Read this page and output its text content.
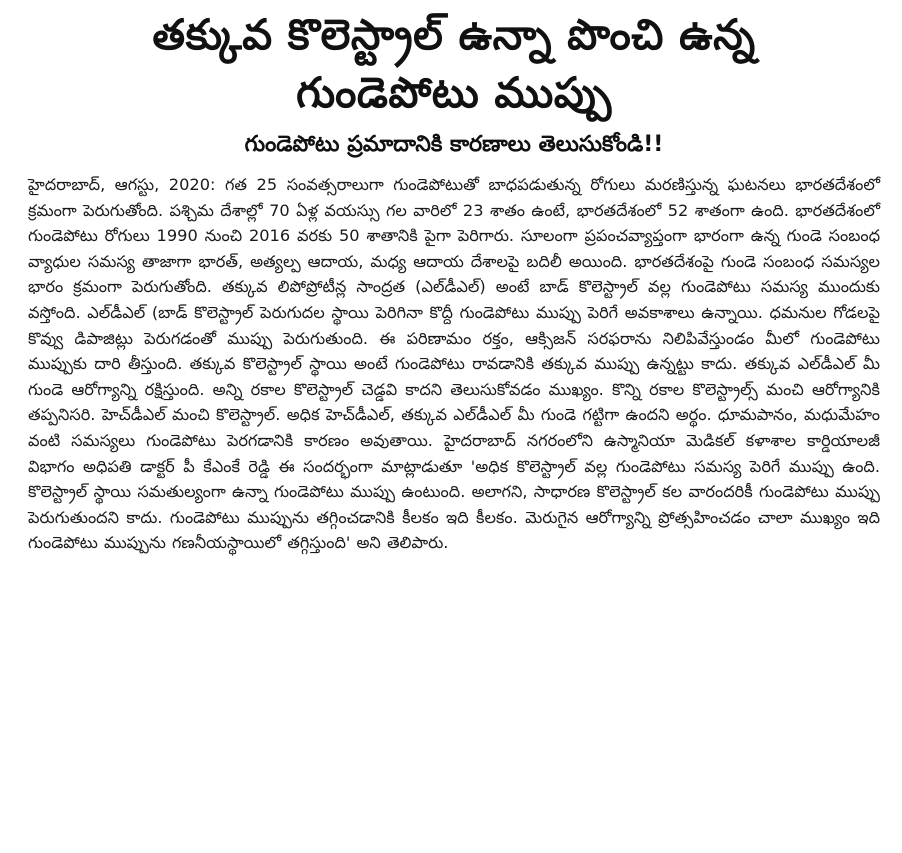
తక్కువ కొలెస్ట్రాల్ ఉన్నా పొంచి ఉన్న
గుండెపోటు ముప్పు
గుండెపోటు ప్రమాదానికి కారణాలు తెలుసుకోండి!!

హైదరాబాద్, ఆగస్టు, 2020: గత 25 సంవత్సరాలుగా గుండెపోటుతో బాధపడుతున్న రోగులు మరణిస్తున్న ఘటనలు భారతదేశంలో క్రమంగా పెరుగుతోంది. పశ్చిమ దేశాల్లో 70 ఏళ్ల వయస్సు గల వారిలో 23 శాతం ఉంటే, భారతదేశంలో 52 శాతంగా ఉంది. భారతదేశంలో గుండెపోటు రోగులు 1990 నుంచి 2016 వరకు 50 శాతానికి పైగా పెరిగారు. సూలంగా ప్రపంచవ్యాప్తంగా భారంగా ఉన్న గుండె సంబంధ వ్యాధుల సమస్య తాజాగా భారత్, అత్యల్ప ఆదాయ, మధ్య ఆదాయ దేశాలపై బదిలీ అయింది. భారతదేశంపై గుండె సంబంధ సమస్యల భారం క్రమంగా పెరుగుతోంది. తక్కువ లిపోప్రోటీన్ల సాంద్రత (ఎల్‌డీఎల్) అంటే బాడ్ కొలెస్ట్రాల్ వల్ల గుండెపోటు సమస్య ముందుకు వస్తోంది. ఎల్‌డీఎల్ (బాడ్ కొలెస్ట్రాల్ పెరుగుదల స్థాయి పెరిగినా కొద్దీ గుండెపోటు ముప్పు పెరిగే అవకాశాలు ఉన్నాయి. ధమనుల గోడలపై కొవ్వు డిపాజిట్లు పెరుగడంతో ముప్పు పెరుగుతుంది. ఈ పరిణామం రక్తం, ఆక్సిజన్ సరఫరాను నిలిపివేస్తుండం మీలో గుండెపోటు ముప్పుకు దారి తీస్తుంది. తక్కువ కొలెస్ట్రాల్ స్థాయి అంటే గుండెపోటు రావడానికి తక్కువ ముప్పు ఉన్నట్టు కాదు. తక్కువ ఎల్‌డీఎల్ మీ గుండె ఆరోగ్యాన్ని రక్షిస్తుంది. అన్ని రకాల కొలెస్ట్రాల్ చెడ్డవి కాదని తెలుసుకోవడం ముఖ్యం. కొన్ని రకాల కొలెస్ట్రాల్స్ మంచి ఆరోగ్యానికి తప్పనిసరి. హెచ్‌డీఎల్ మంచి కొలెస్ట్రాల్. అధిక హెచ్‌డీఎల్, తక్కువ ఎల్‌డీఎల్ మీ గుండె గట్టిగా ఉందని అర్థం. ధూమపానం, మధుమేహం వంటి సమస్యలు గుండెపోటు పెరగడానికి కారణం అవుతాయి. హైదరాబాద్ నగరంలోని ఉస్మానియా మెడికల్ కళాశాల కార్డియాలజీ విభాగం అధిపతి డాక్టర్ పీ కేఎంకే రెడ్డి ఈ సందర్భంగా మాట్లాడుతూ 'అధిక కొలెస్ట్రాల్ వల్ల గుండెపోటు సమస్య పెరిగే ముప్పు ఉంది. కొలెస్ట్రాల్ స్థాయి సమతుల్యంగా ఉన్నా గుండెపోటు ముప్పు ఉంటుంది. అలాగని, సాధారణ కొలెస్ట్రాల్ కల వారందరికీ గుండెపోటు ముప్పు పెరుగుతుందని కాదు. గుండెపోటు ముప్పును తగ్గించడానికి కీలకం ఇది కీలకం. మెరుగైన ఆరోగ్యాన్ని ప్రోత్సహించడం చాలా ముఖ్యం ఇది గుండెపోటు ముప్పును గణనీయస్థాయిలో తగ్గిస్తుంది' అని తెలిపారు.
